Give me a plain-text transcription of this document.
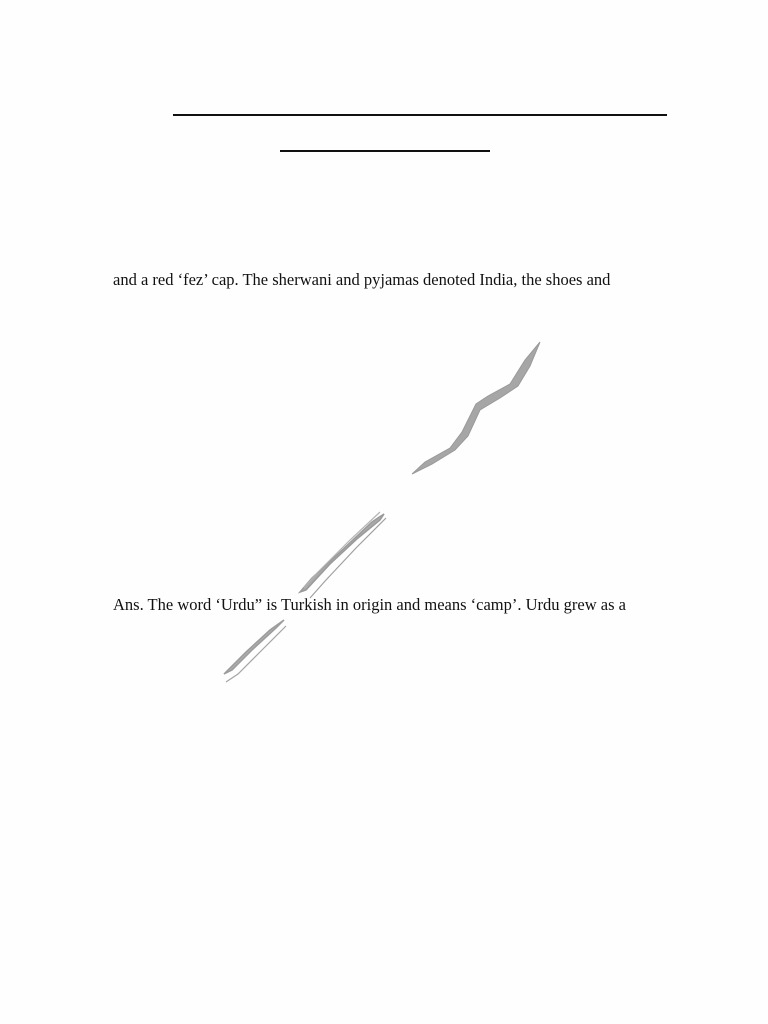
and a red ‘fez’ cap. The sherwani and pyjamas denoted India, the shoes and
Ans. The word ‘Urdu” is Turkish in origin and means ‘camp’. Urdu grew as a
